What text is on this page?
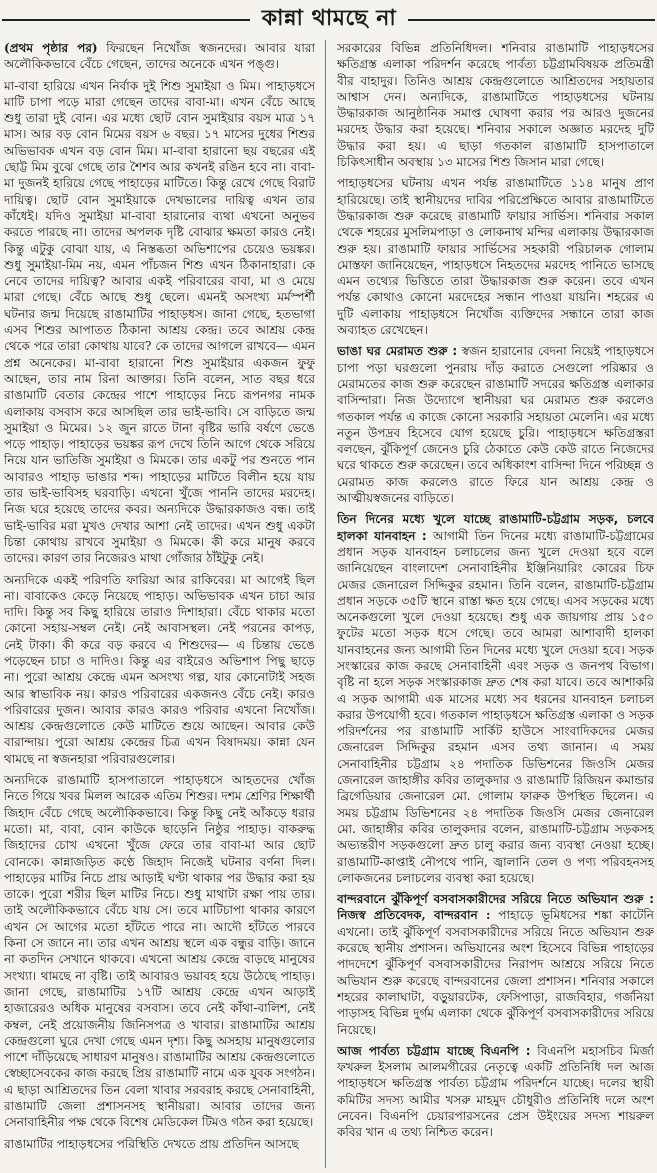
কান্না থামছে না

(প্রথম পৃষ্ঠার পর) ফিরছেন নিখোঁজ স্বজনদের। আবার যারা অলৌকিকভাবে বেঁচে গেছেন, তাদের অনেকে এখন পঙ্গু।

মা-বাবা হারিয়ে এখন নির্বাক দুই শিশু সুমাইয়া ও মিম। পাহাড়ধসে মাটি চাপা পড়ে মারা গেছেন তাদের বাবা-মা। এখন বেঁচে আছে শুধু তারা দুই বোন। এর মধ্যে ছোট বোন সুমাইয়ার বয়স মাত্র ১৭ মাস। আর বড় বোন মিমের বয়স ৬ বছর। ১৭ মাসের দুধের শিশুর অভিভাবক এখন বড় বোন মিম। মা-বাবা হারানো ছয় বছরের এই ছোট্ট মিম বুঝে গেছে তার শৈশব আর কখনই রঙিন হবে না। বাবা-মা দুজনই হারিয়ে গেছে পাহাড়ের মাটিতে। কিন্তু রেখে গেছে বিরাট দায়িত্ব। ছোট বোন সুমাইয়াকে দেখভালের দায়িত্ব এখন তার কাঁধেই। যদিও সুমাইয়া মা-বাবা হারানোর ব্যথা এখনো অনুভব করতে পারছে না। তাদের অপলক দৃষ্টি বোঝার ক্ষমতা কারও নেই। কিন্তু এটুকু বোঝা যায়, এ নিস্তব্ধতা অভিশাপের চেয়েও ভয়ঙ্কর। শুধু সুমাইয়া-মিম নয়, এমন পাঁচজন শিশু এখন ঠিকানাহারা। কে নেবে তাদের দায়িত্ব? আবার একই পরিবারের বাবা, মা ও মেয়ে মারা গেছে। বেঁচে আছে শুধু ছেলে। এমনই অসংখ্য মর্মস্পর্শী ঘটনার জন্ম দিয়েছে রাঙামাটির পাহাড়ধস। জানা গেছে, হতভাগা এসব শিশুর আপাতত ঠিকানা আশ্রয় কেন্দ্র। তবে আশ্রয় কেন্দ্র থেকে পরে তারা কোথায় যাবে? কে তাদের আগলে রাখবে— এমন প্রশ্ন অনেকের। মা-বাবা হারানো শিশু সুমাইয়ার একজন ফুফু আছেন, তার নাম রিনা আক্তার। তিনি বলেন, সাত বছর ধরে রাঙামাটি বেতার কেন্দ্রের পাশে পাহাড়ের নিচে রূপনগর নামক এলাকায় বসবাস করে আসছিল তার ভাই-ভাবি। সে বাড়িতে জন্ম সুমাইয়া ও মিমের। ১২ জুন রাতে টানা বৃষ্টির ভারি বর্ষণে ভেঙে পড়ে পাহাড়। পাহাড়ের ভয়ঙ্কর রূপ দেখে তিনি আগে থেকে সরিয়ে নিয়ে যান ভাতিজি সুমাইয়া ও মিমকে। তার একটু পর শুনতে পান আবারও পাহাড় ভাঙার শব্দ। পাহাড়ের মাটিতে বিলীন হয়ে যায় তার ভাই-ভাবিসহ ঘরবাড়ি। এখনো খুঁজে পাননি তাদের মরদেহ। নিজ ঘরে হয়েছে তাদের কবর। অন্যদিকে উদ্ধারকাজও বন্ধ। তাই ভাই-ভাবির মরা মুখও দেখার আশা নেই তাদের। এখন শুধু একটা চিন্তা কোথায় রাখবে সুমাইয়া ও মিমকে। কী করে মানুষ করবে তাদের। কারণ তার নিজেরও মাথা গোঁজার ঠাঁইটুকু নেই।

অন্যদিকে একই পরিণতি ফারিয়া আর রাকিবের। মা আগেই ছিল না। বাবাকেও কেড়ে নিয়েছে পাহাড়। অভিভাবক এখন চাচা আর দাদি। কিন্তু সব কিছু হারিয়ে তারাও দিশাহারা। বেঁচে থাকার মতো কোনো সহায়-সম্বল নেই। নেই আবাসস্থল। নেই পরনের কাপড়, নেই টাকা। কী করে বড় করবে এ শিশুদের— এ চিন্তায় ভেঙে পড়েছেন চাচা ও দাদিও। কিন্তু এর বাইরেও অভিশাপ পিছু ছাড়ে না। পুরো আশ্রয় কেন্দ্রে এমন অসংখ্য গল্প, যার কোনোটাই সহজ আর স্বাভাবিক নয়। কারও পরিবারের একজনও বেঁচে নেই। কারও পরিবারের দুজন। আবার কারও কারও পরিবার এখনো নিখোঁজ। আশ্রয় কেন্দ্রগুলোতে কেউ মাটিতে শুয়ে আছেন। আবার কেউ বারান্দায়। পুরো আশ্রয় কেন্দ্রের চিত্র এখন বিষাদময়। কান্না যেন থামছে না স্বজনহারা পরিবারগুলোর।

অন্যদিকে রাঙামাটি হাসপাতালে পাহাড়ধসে আহতদের খোঁজ নিতে গিয়ে খবর মিলল আরেক এতিম শিশুর। দশম শ্রেণির শিক্ষার্থী জিহাদ বেঁচে গেছে অলৌকিকভাবে। কিন্তু কিছু নেই আঁকড়ে ধরার মতো। মা, বাবা, বোন কাউকে ছাড়েনি নিষ্ঠুর পাহাড়। বাকরুদ্ধ জিহাদের চোখ এখনো খুঁজে ফেরে তার বাবা-মা আর ছোট বোনকে। কান্নাজড়িত কণ্ঠে জিহাদ নিজেই ঘটনার বর্ণনা দিল। পাহাড়ের মাটির নিচে প্রায় আড়াই ঘণ্টা থাকার পর উদ্ধার করা হয় তাকে। পুরো শরীর ছিল মাটির নিচে। শুধু মাথাটা রক্ষা পায় তার। তাই অলৌকিকভাবে বেঁচে যায় সে। তবে মাটিচাপা থাকার কারণে এখন সে আগের মতো হাঁটতে পারে না। আদৌ হাঁটতে পারবে কিনা সে জানে না। তার এখন আশ্রয় স্থলে এক বন্ধুর বাড়ি। জানে না কতদিন সেখানে থাকবে। এখনো আশ্রয় কেন্দ্রে বাড়ছে মানুষের সংখ্যা। থামছে না বৃষ্টি। তাই আবারও ভয়াবহ হয়ে উঠেছে পাহাড়। জানা গেছে, রাঙামাটির ১৭টি আশ্রয় কেন্দ্রে এখন আড়াই হাজারেরও অধিক মানুষের বসবাস। তবে নেই কাঁথা-বালিশ, নেই কম্বল, নেই প্রয়োজনীয় জিনিসপত্র ও খাবার। রাঙামাটির আশ্রয় কেন্দ্রগুলো ঘুরে দেখা গেছে এমন দৃশ্য। কিছু অসহায় মানুষগুলোর পাশে দাঁড়িয়েছে সাধারণ মানুষও। রাঙামাটির আশ্রয় কেন্দ্রগুলোতে স্বেচ্ছাসেবকের কাজ করছে প্রিয় রাঙামাটি নামে এক যুবক সংগঠন। এ ছাড়া আশ্রিতদের তিন বেলা খাবার সরবরাহ করছে সেনাবাহিনী, রাঙামাটি জেলা প্রশাসনসহ স্থানীয়রা। আবার তাদের জন্য সেনাবাহিনীর পক্ষ থেকে বিশেষ মেডিকেল টিমও গঠন করা হয়েছে।

রাঙামাটির পাহাড়ধসের পরিস্থিতি দেখতে প্রায় প্রতিদিন আসছে

সরকারের বিভিন্ন প্রতিনিধিদল। শনিবার রাঙামাটি পাহাড়ধসের ক্ষতিগ্রস্ত এলাকা পরিদর্শন করেছে পার্বত্য চট্টগ্রামবিষয়ক প্রতিমন্ত্রী বীর বাহাদুর। তিনিও আশ্রয় কেন্দ্রগুলোতে আশ্রিতদের সহায়তার আশ্বাস দেন। অন্যদিকে, রাঙামাটিতে পাহাড়ধসের ঘটনায় উদ্ধারকাজ আনুষ্ঠানিক সমাপ্ত ঘোষণা করার পর আরও দুজনের মরদেহ উদ্ধার করা হয়েছে। শনিবার সকালে অজ্ঞাত মরদেহ দুটি উদ্ধার করা হয়। এ ছাড়া গতকাল রাঙামাটি হাসপাতালে চিকিৎসাধীন অবস্থায় ১৩ মাসের শিশু জিসান মারা গেছে।

পাহাড়ধসের ঘটনায় এখন পর্যন্ত রাঙামাটিতে ১১৪ মানুষ প্রাণ হারিয়েছে। তাই স্থানীয়দের দাবির পরিপ্রেক্ষিতে আবার রাঙামাটিতে উদ্ধারকাজ শুরু করেছে রাঙামাটি ফায়ার সার্ভিস। শনিবার সকাল থেকে শহরের মুসলিমপাড়া ও লোকনাথ মন্দির এলাকায় উদ্ধারকাজ শুরু হয়। রাঙামাটি ফায়ার সার্ভিসের সহকারী পরিচালক গোলাম মোস্তফা জানিয়েছেন, পাহাড়ধসে নিহতদের মরদেহ পানিতে ভাসছে এমন তথ্যের ভিত্তিতে তারা উদ্ধারকাজ শুরু করেন। তবে এখন পর্যন্ত কোথাও কোনো মরদেহের সন্ধান পাওয়া যায়নি। শহরের এ দুটি এলাকায় পাহাড়ধসে নিখোঁজ ব্যক্তিদের সন্ধানে তারা কাজ অব্যাহত রেখেছেন।

ভাঙা ঘর মেরামত শুরু : স্বজন হারানোর বেদনা নিয়েই পাহাড়ধসে চাপা পড়া ঘরগুলো পুনরায় দাঁড় করাতে সেগুলো পরিষ্কার ও মেরামতের কাজ শুরু করেছেন রাঙামাটি সদরের ক্ষতিগ্রস্ত এলাকার বাসিন্দারা। নিজ উদ্যোগে স্থানীয়রা ঘর মেরামত শুরু করলেও গতকাল পর্যন্ত এ কাজে কোনো সরকারি সহায়তা মেলেনি। এর মধ্যে নতুন উপদ্রব হিসেবে যোগ হয়েছে চুরি। পাহাড়ধসে ক্ষতিগ্রস্তরা বলছেন, ঝুঁকিপূর্ণ জেনেও চুরি ঠেকাতে কেউ কেউ রাতে নিজেদের ঘরে থাকতে শুরু করেছেন। তবে অধিকাংশ বাসিন্দা দিনে পরিচ্ছন্ন ও মেরামত কাজ করলেও রাতে ফিরে যান আশ্রয় কেন্দ্র ও আত্মীয়স্বজনের বাড়িতে।

তিন দিনের মধ্যে খুলে যাচ্ছে রাঙামাটি-চট্টগ্রাম সড়ক, চলবে হালকা যানবাহন : আগামী তিন দিনের মধ্যে রাঙামাটি-চট্টগ্রামের প্রধান সড়ক যানবাহন চলাচলের জন্য খুলে দেওয়া হবে বলে জানিয়েছেন বাংলাদেশ সেনাবাহিনীর ইঞ্জিনিয়ারিং কোরের চিফ মেজর জেনারেল সিদ্দিকুর রহমান। তিনি বলেন, রাঙামাটি-চট্টগ্রাম প্রধান সড়কে ৩৫টি স্থানে রাস্তা ক্ষত হয়ে গেছে। এসব সড়কের মধ্যে অনেকগুলো খুলে দেওয়া হয়েছে। শুধু এক জায়গায় প্রায় ১৫০ ফুটের মতো সড়ক ধসে গেছে। তবে আমরা আশাবাদী হালকা যানবাহনের জন্য আগামী তিন দিনের মধ্যে খুলে দেওয়া হবে। সড়ক সংস্কারের কাজ করছে সেনাবাহিনী এবং সড়ক ও জনপথ বিভাগ। বৃষ্টি না হলে সড়ক সংস্কারকাজ দ্রুত শেষ করা যাবে। তবে আশাকরি এ সড়ক আগামী এক মাসের মধ্যে সব ধরনের যানবাহন চলাচল করার উপযোগী হবে। গতকাল পাহাড়ধসে ক্ষতিগ্রস্ত এলাকা ও সড়ক পরিদর্শনের পর রাঙামাটি সার্কিট হাউসে সাংবাদিকদের মেজর জেনারেল সিদ্দিকুর রহমান এসব তথ্য জানান। এ সময় সেনাবাহিনীর চট্টগ্রাম ২৪ পদাতিক ডিভিশনের জিওসি মেজর জেনারেল জাহাঙ্গীর কবির তালুকদার ও রাঙামাটি রিজিয়ন কমান্ডার ব্রিগেডিয়ার জেনারেল মো. গোলাম ফারুক উপস্থিত ছিলেন। এ সময় চট্টগ্রাম ডিভিশনের ২৪ পদাতিক জিওসি মেজর জেনারেল মো. জাহাঙ্গীর কবির তালুকদার বলেন, রাঙামাটি-চট্টগ্রাম সড়কসহ অভ্যন্তরীণ সড়কগুলো দ্রুত চালু করার জন্য ব্যবস্থা নেওয়া হচ্ছে। রাঙামাটি-কাপ্তাই নৌপথে পানি, জ্বালানি তেল ও পণ্য পরিবহনসহ লোকজনের চলাচলের ব্যবস্থা করা হয়েছে।

বান্দরবানে ঝুঁকিপূর্ণ বসবাসকারীদের সরিয়ে নিতে অভিযান শুরু : নিজস্ব প্রতিবেদক, বান্দরবান : পাহাড়ে ভূমিধসের শঙ্কা কাটেনি এখনো। তাই ঝুঁকিপূর্ণ বসবাসকারীদের সরিয়ে নিতে অভিযান শুরু করেছে স্থানীয় প্রশাসন। অভিযানের অংশ হিসেবে বিভিন্ন পাহাড়ের পাদদেশে ঝুঁকিপূর্ণ বসবাসকারীদের নিরাপদ আশ্রয়ে সরিয়ে নিতে অভিযান শুরু করেছে বান্দরবানের জেলা প্রশাসন। শনিবার সকালে শহরের কালাঘাটা, বড়ুয়ারটেক, ফেসিপাড়া, রাজবিহার, গর্জনিয়া পাড়াসহ বিভিন্ন দুর্গম এলাকা থেকে ঝুঁকিপূর্ণ বসবাসকারীদের সরিয়ে নিয়েছে।

আজ পার্বত্য চট্টগ্রাম যাচ্ছে বিএনপি : বিএনপি মহাসচিব মির্জা ফখরুল ইসলাম আলমগীরের নেতৃত্বে একটি প্রতিনিধি দল আজ পাহাড়ধসে ক্ষতিগ্রস্ত পার্বত্য চট্টগ্রাম পরিদর্শনে যাচ্ছে। দলের স্থায়ী কমিটির সদস্য আমীর খসরু মাহমুদ চৌধুরীও প্রতিনিধি দলে অংশ নেবেন। বিএনপি চেয়ারপারসনের প্রেস উইংয়ের সদস্য শায়রুল কবির খান এ তথ্য নিশ্চিত করেন।
